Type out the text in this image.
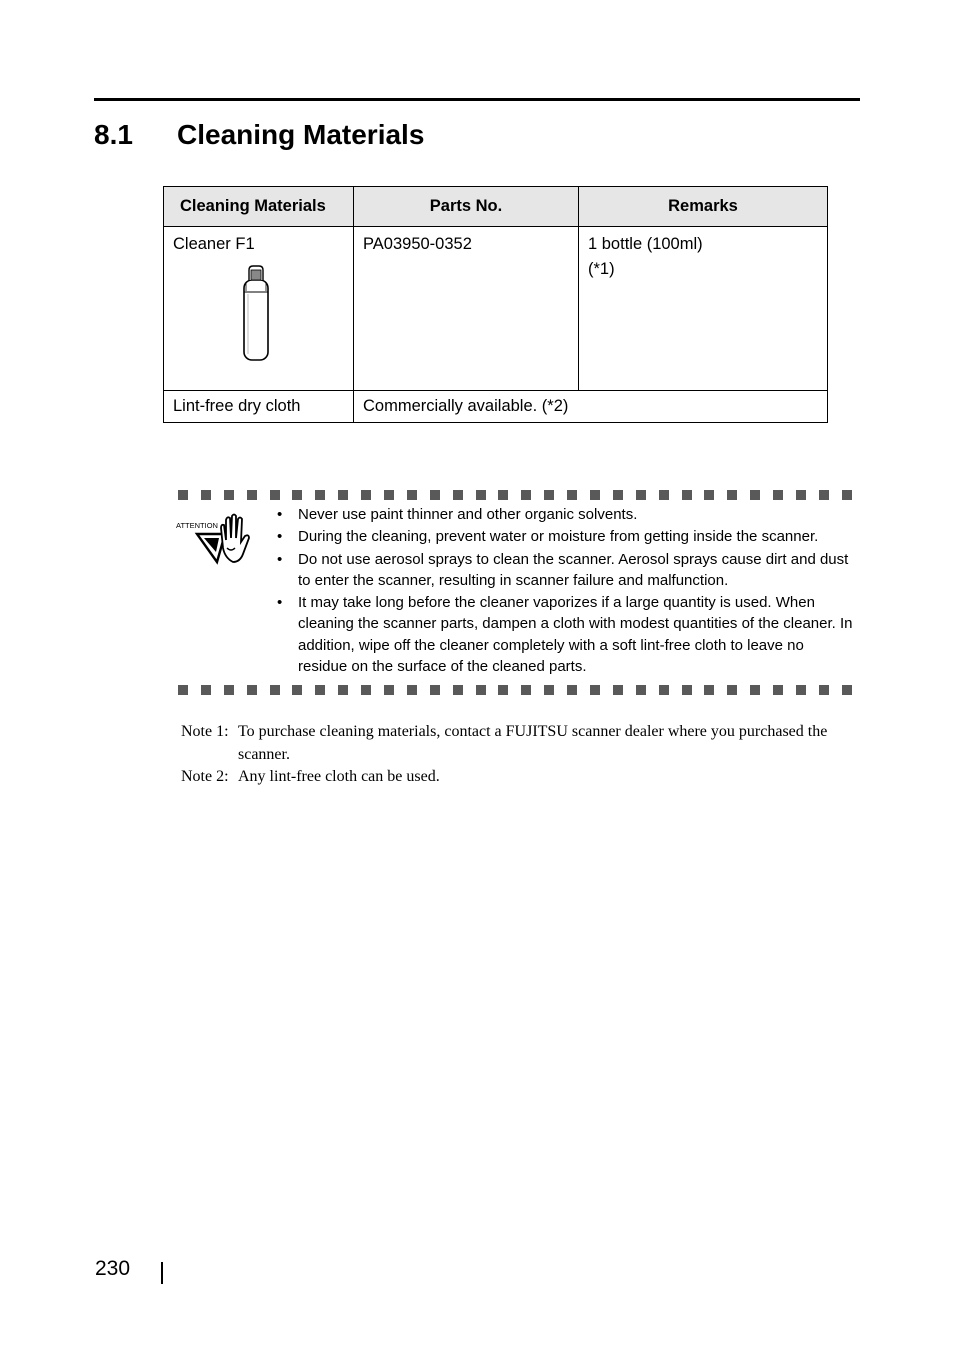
8.1 Cleaning Materials
Cleaning Materials	Parts No.	Remarks

Cleaner F1	PA03950-0352	1 bottle (100ml)
(*1)

Lint-free dry cloth	Commercially available. (*2)	
ATTENTION
• Never use paint thinner and other organic solvents.
• During the cleaning, prevent water or moisture from getting inside the scanner.
• Do not use aerosol sprays to clean the scanner. Aerosol sprays cause dirt and dust to enter the scanner, resulting in scanner failure and malfunction.
• It may take long before the cleaner vaporizes if a large quantity is used. When cleaning the scanner parts, dampen a cloth with modest quantities of the cleaner. In addition, wipe off the cleaner completely with a soft lint-free cloth to leave no residue on the surface of the cleaned parts.
Note 1: To purchase cleaning materials, contact a FUJITSU scanner dealer where you purchased the scanner.
Note 2: Any lint-free cloth can be used.
230
